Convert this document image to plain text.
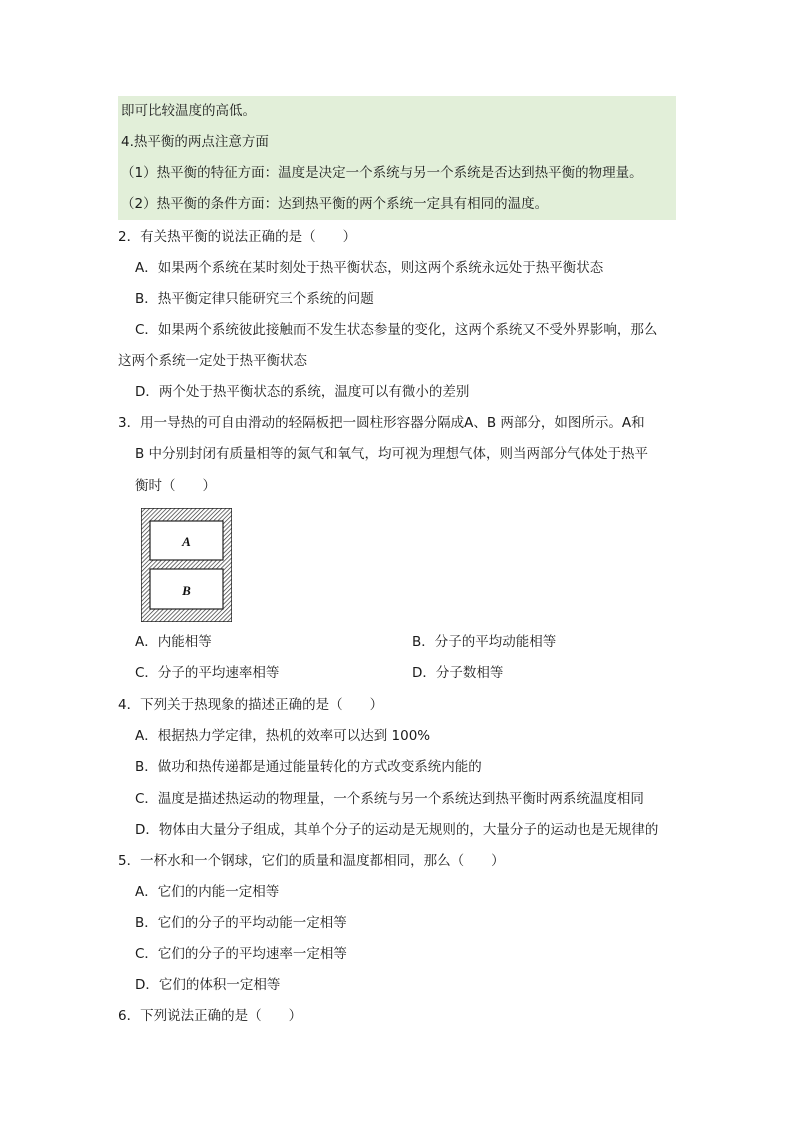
即可比较温度的高低。
4.热平衡的两点注意方面
（1）热平衡的特征方面：温度是决定一个系统与另一个系统是否达到热平衡的物理量。
（2）热平衡的条件方面：达到热平衡的两个系统一定具有相同的温度。
2．有关热平衡的说法正确的是（　　）
A．如果两个系统在某时刻处于热平衡状态，则这两个系统永远处于热平衡状态
B．热平衡定律只能研究三个系统的问题
C．如果两个系统彼此接触而不发生状态参量的变化，这两个系统又不受外界影响，那么
这两个系统一定处于热平衡状态
D．两个处于热平衡状态的系统，温度可以有微小的差别
3．用一导热的可自由滑动的轻隔板把一圆柱形容器分隔成A、B 两部分，如图所示。A和
B 中分别封闭有质量相等的氮气和氧气，均可视为理想气体，则当两部分气体处于热平
衡时（　　）
A
B
A．内能相等	B．分子的平均动能相等
C．分子的平均速率相等	D．分子数相等
4．下列关于热现象的描述正确的是（　　）
A．根据热力学定律，热机的效率可以达到 100%
B．做功和热传递都是通过能量转化的方式改变系统内能的
C．温度是描述热运动的物理量，一个系统与另一个系统达到热平衡时两系统温度相同
D．物体由大量分子组成，其单个分子的运动是无规则的，大量分子的运动也是无规律的
5．一杯水和一个钢球，它们的质量和温度都相同，那么（　　）
A．它们的内能一定相等
B．它们的分子的平均动能一定相等
C．它们的分子的平均速率一定相等
D．它们的体积一定相等
6．下列说法正确的是（　　）
